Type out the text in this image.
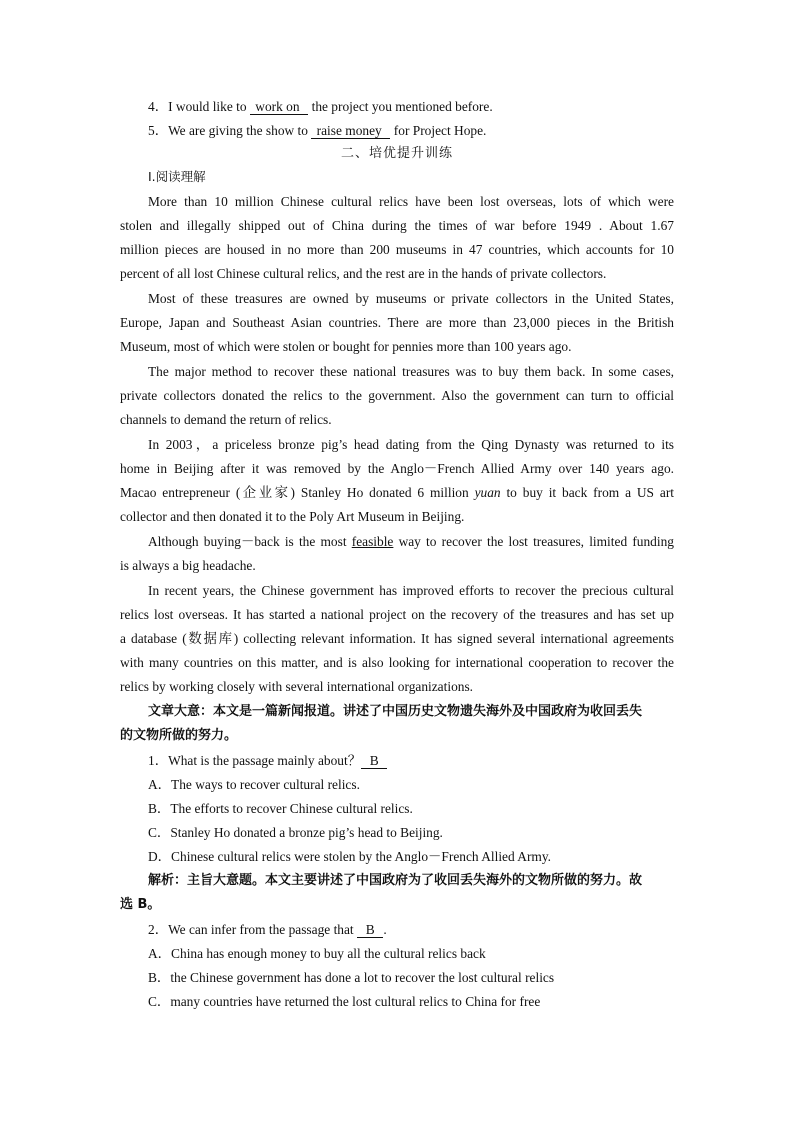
4．I would like to  work on   the project you mentioned before.
5．We are giving the show to  raise money   for Project Hope.
二、培优提升训练
Ⅰ.阅读理解
More than 10 million Chinese cultural relics have been lost overseas, lots of which were
stolen and illegally shipped out of China during the times of war before 1949 . About 1.67
million pieces are housed in no more than 200 museums in 47 countries, which accounts for 10
percent of all lost Chinese cultural relics, and the rest are in the hands of private collectors.
Most of these treasures are owned by museums or private collectors in the United States,
Europe, Japan and Southeast Asian countries. There are more than 23,000 pieces in the British
Museum, most of which were stolen or bought for pennies more than 100 years ago.
The major method to recover these national treasures was to buy them back. In some cases,
private collectors donated the relics to the government. Also the government can turn to official
channels to demand the return of relics.
In 2003，a priceless bronze pig’s head dating from the Qing Dynasty was returned to its
home in Beijing after it was removed by the Anglo－French Allied Army over 140 years ago.
Macao entrepreneur (企业家) Stanley Ho donated 6 million yuan to buy it back from a US art
collector and then donated it to the Poly Art Museum in Beijing.
Although buying－back is the most feasible way to recover the lost treasures, limited funding
is always a big headache.
In recent years, the Chinese government has improved efforts to recover the precious cultural
relics lost overseas. It has started a national project on the recovery of the treasures and has set up
a database (数据库) collecting relevant information. It has signed several international agreements
with many countries on this matter, and is also looking for international cooperation to recover the
relics by working closely with several international organizations.
文章大意：本文是一篇新闻报道。讲述了中国历史文物遗失海外及中国政府为收回丢失
的文物所做的努力。
1．What is the passage mainly about？ B
A．The ways to recover cultural relics.
B．The efforts to recover Chinese cultural relics.
C．Stanley Ho donated a bronze pig’s head to Beijing.
D．Chinese cultural relics were stolen by the Anglo－French Allied Army.
解析：主旨大意题。本文主要讲述了中国政府为了收回丢失海外的文物所做的努力。故
选 B。
2．We can infer from the passage that   B .
A．China has enough money to buy all the cultural relics back
B．the Chinese government has done a lot to recover the lost cultural relics
C．many countries have returned the lost cultural relics to China for free
